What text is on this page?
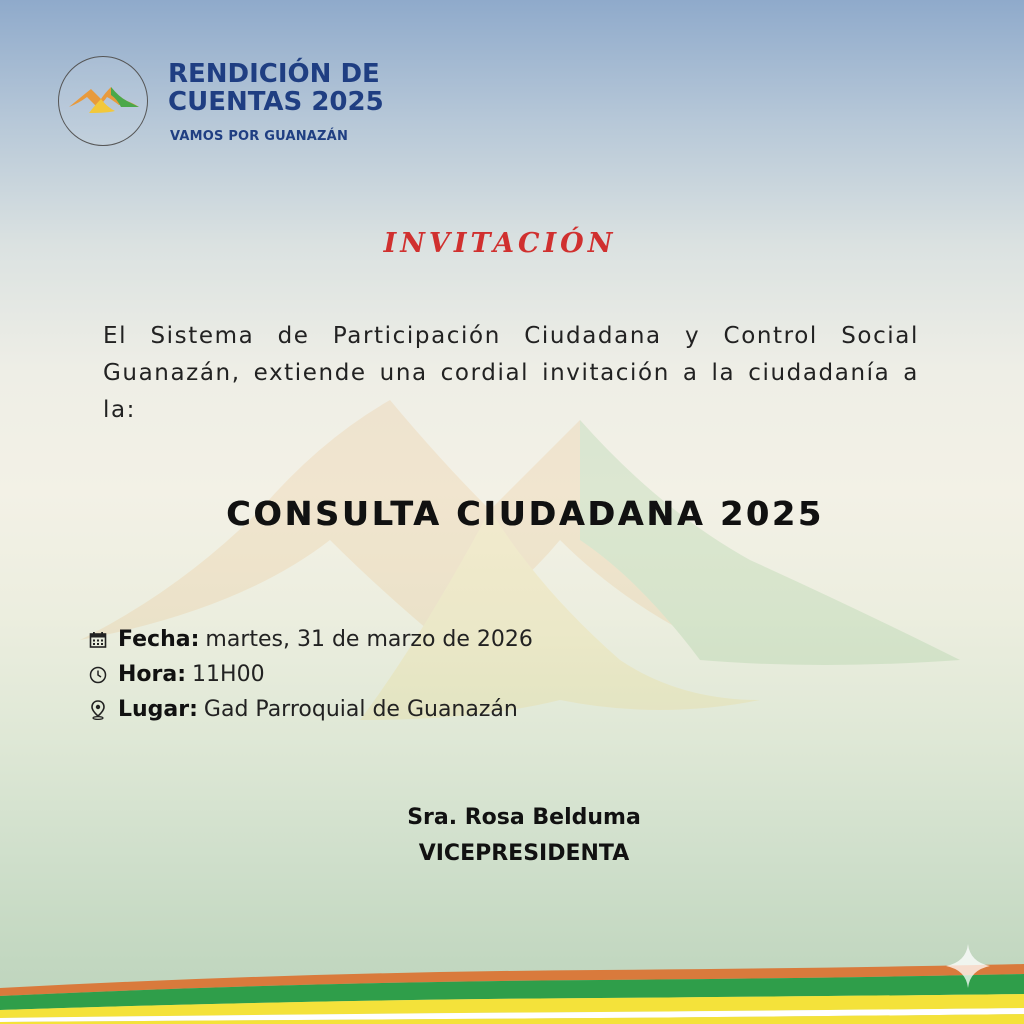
RENDICIÓN DE
CUENTAS 2025
VAMOS POR GUANAZÁN
INVITACIÓN

El Sistema de Participación Ciudadana y Control Social Guanazán, extiende una cordial invitación a la ciudadanía a la:

CONSULTA CIUDADANA 2025
Fecha: martes, 31 de marzo de 2026
Hora: 11H00
Lugar: Gad Parroquial de Guanazán
Sra. Rosa Belduma
VICEPRESIDENTA
